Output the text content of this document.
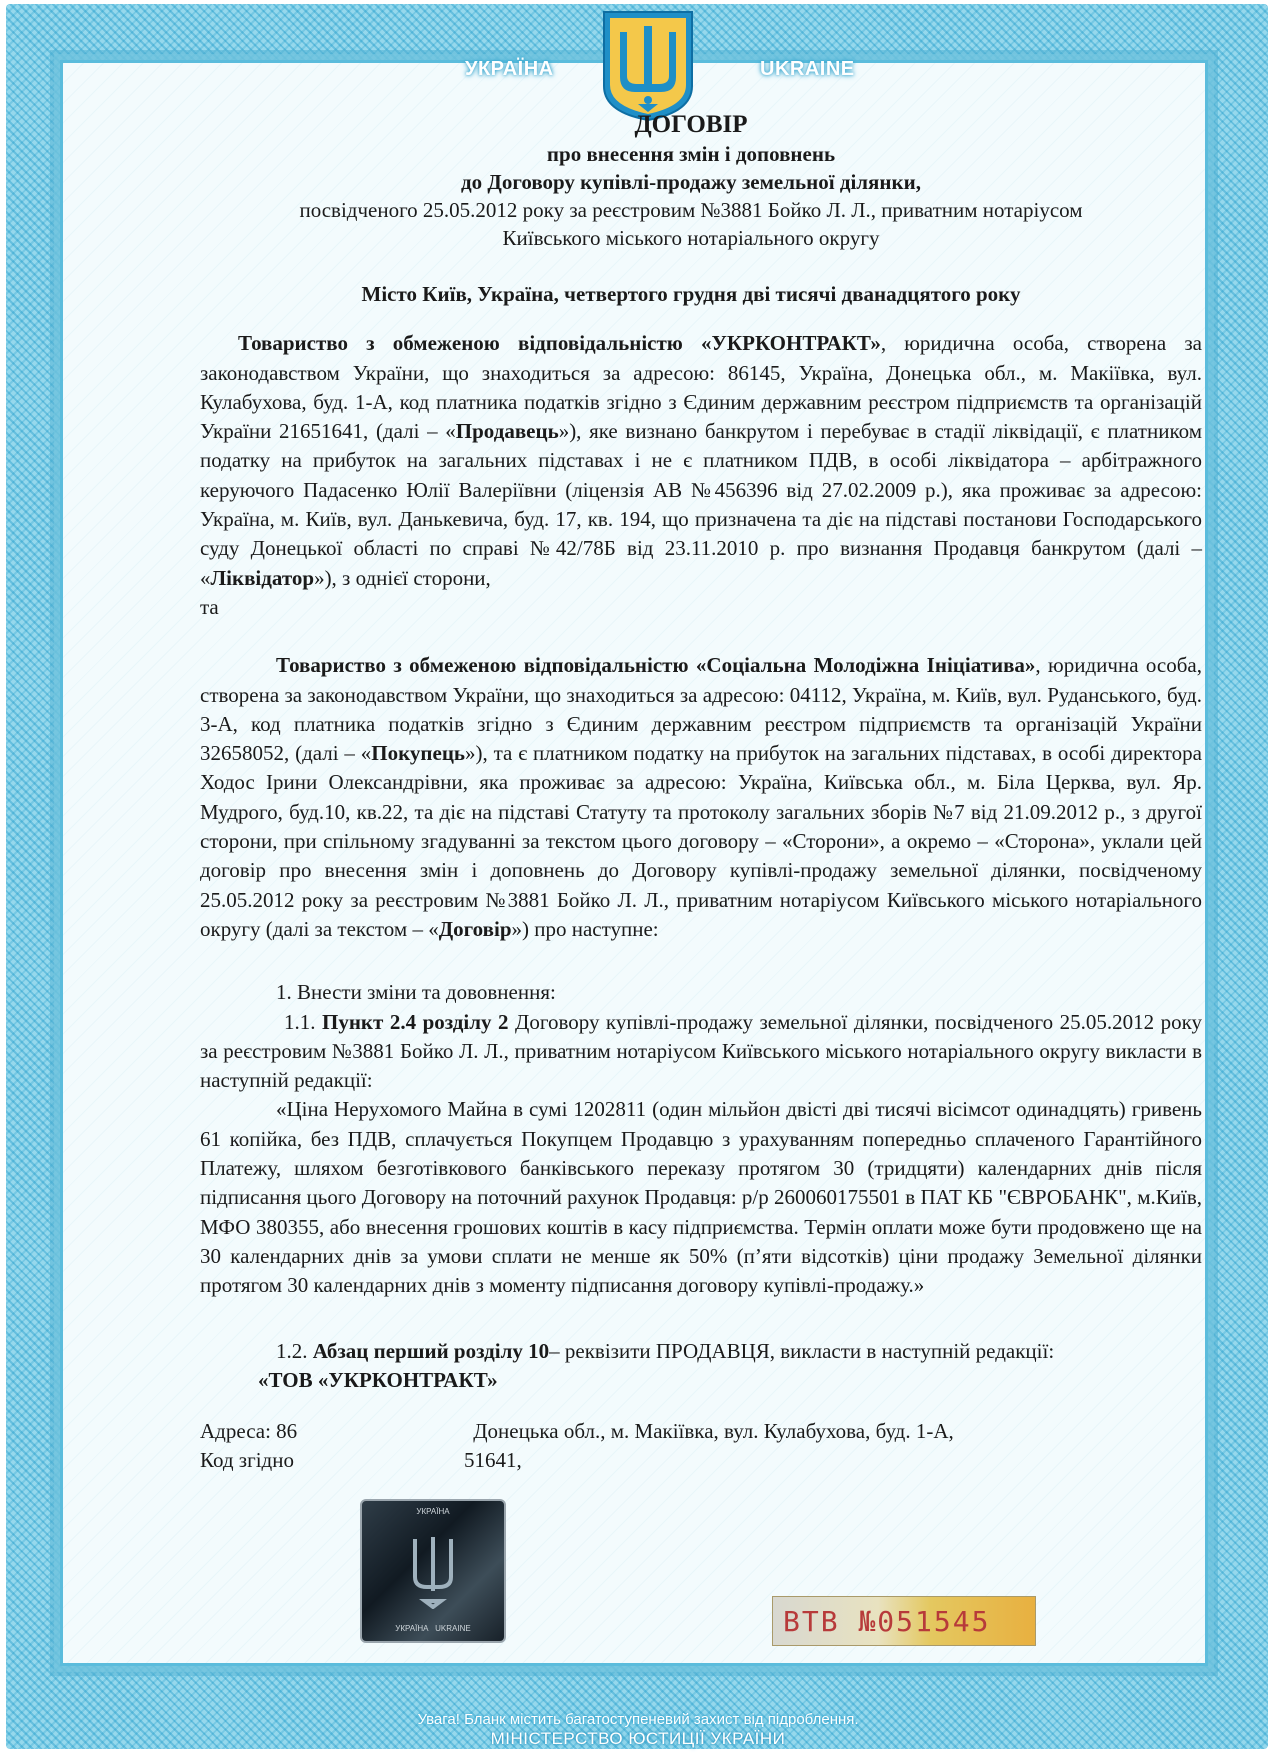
УКРАЇНА	UKRAINE
ДОГОВІР
про внесення змін і доповнень
до Договору купівлі-продажу земельної ділянки,
посвідченого 25.05.2012 року за реєстровим №3881 Бойко Л. Л., приватним нотаріусом
Київського міського нотаріального округу
Місто Київ, Україна, четвертого грудня дві тисячі дванадцятого року

Товариство з обмеженою відповідальністю «УКРКОНТРАКТ», юридична особа, створена за законодавством України, що знаходиться за адресою: 86145, Україна, Донецька обл., м. Макіївка, вул. Кулабухова, буд. 1-А, код платника податків згідно з Єдиним державним реєстром підприємств та організацій України 21651641, (далі – «Продавець»), яке визнано банкрутом і перебуває в стадії ліквідації, є платником податку на прибуток на загальних підставах і не є платником ПДВ, в особі ліквідатора – арбітражного керуючого Падасенко Юлії Валеріївни (ліцензія АВ №456396 від 27.02.2009 р.), яка проживає за адресою: Україна, м. Київ, вул. Данькевича, буд. 17, кв. 194, що призначена та діє на підставі постанови Господарського суду Донецької області по справі №42/78Б від 23.11.2010 р. про визнання Продавця банкрутом (далі – «Ліквідатор»), з однієї сторони,

та

Товариство з обмеженою відповідальністю «Соціальна Молодіжна Ініціатива», юридична особа, створена за законодавством України, що знаходиться за адресою: 04112, Україна, м. Київ, вул. Руданського, буд. 3-А, код платника податків згідно з Єдиним державним реєстром підприємств та організацій України 32658052, (далі – «Покупець»), та є платником податку на прибуток на загальних підставах, в особі директора Ходос Ірини Олександрівни, яка проживає за адресою: Україна, Київська обл., м. Біла Церква, вул. Яр. Мудрого, буд.10, кв.22, та діє на підставі Статуту та протоколу загальних зборів №7 від 21.09.2012 р., з другої сторони, при спільному згадуванні за текстом цього договору – «Сторони», а окремо – «Сторона», уклали цей договір про внесення змін і доповнень до Договору купівлі-продажу земельної ділянки, посвідченому 25.05.2012 року за реєстровим №3881 Бойко Л. Л., приватним нотаріусом Київського міського нотаріального округу (далі за текстом – «Договір») про наступне:

1. Внести зміни та дововнення:

1.1. Пункт 2.4 розділу 2 Договору купівлі-продажу земельної ділянки, посвідченого 25.05.2012 року за реєстровим №3881 Бойко Л. Л., приватним нотаріусом Київського міського нотаріального округу викласти в наступній редакції:

«Ціна Нерухомого Майна в сумі 1202811 (один мільйон двісті дві тисячі вісімсот одинадцять) гривень 61 копійка, без ПДВ, сплачується Покупцем Продавцю з урахуванням попередньо сплаченого Гарантійного Платежу, шляхом безготівкового банківського переказу протягом 30 (тридцяти) календарних днів після підписання цього Договору на поточний рахунок Продавця: р/р 260060175501 в ПАТ КБ "ЄВРОБАНК", м.Київ, МФО 380355, або внесення грошових коштів в касу підприємства. Термін оплати може бути продовжено ще на 30 календарних днів за умови сплати не менше як 50% (п’яти відсотків) ціни продажу Земельної ділянки протягом 30 календарних днів з моменту підписання договору купівлі-продажу.»

1.2. Абзац перший розділу 10– реквізити ПРОДАВЦЯ, викласти в наступній редакції:

«ТОВ «УКРКОНТРАКТ»

Адреса: 86	Донецька обл., м. Макіївка, вул. Кулабухова, буд. 1-А,

Код згідно	51641,

УКРАЇНА
УКРАЇНА UKRAINE	ВТВ №051545
Увага! Бланк містить багатоступеневий захист від підроблення.
МІНІСТЕРСТВО ЮСТИЦІЇ УКРАЇНИ
